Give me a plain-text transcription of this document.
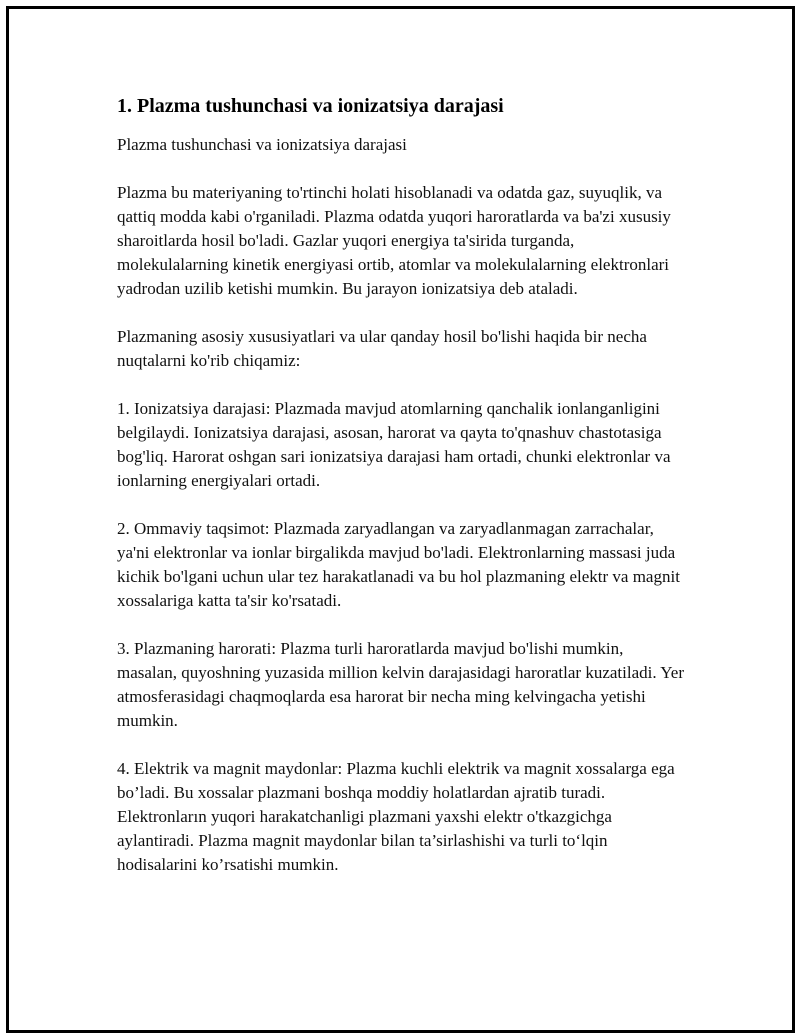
1. Plazma tushunchasi va ionizatsiya darajasi

Plazma tushunchasi va ionizatsiya darajasi

Plazma bu materiyaning to'rtinchi holati hisoblanadi va odatda gaz, suyuqlik, va qattiq modda kabi o'rganiladi. Plazma odatda yuqori haroratlarda va ba'zi xususiy sharoitlarda hosil bo'ladi. Gazlar yuqori energiya ta'sirida turganda, molekulalarning kinetik energiyasi ortib, atomlar va molekulalarning elektronlari yadrodan uzilib ketishi mumkin. Bu jarayon ionizatsiya deb ataladi.

Plazmaning asosiy xususiyatlari va ular qanday hosil bo'lishi haqida bir necha nuqtalarni ko'rib chiqamiz:

1. Ionizatsiya darajasi: Plazmada mavjud atomlarning qanchalik ionlanganligini belgilaydi. Ionizatsiya darajasi, asosan, harorat va qayta to'qnashuv chastotasiga bog'liq. Harorat oshgan sari ionizatsiya darajasi ham ortadi, chunki elektronlar va ionlarning energiyalari ortadi.

2. Ommaviy taqsimot: Plazmada zaryadlangan va zaryadlanmagan zarrachalar, ya'ni elektronlar va ionlar birgalikda mavjud bo'ladi. Elektronlarning massasi juda kichik bo'lgani uchun ular tez harakatlanadi va bu hol plazmaning elektr va magnit xossalariga katta ta'sir ko'rsatadi.

3. Plazmaning harorati: Plazma turli haroratlarda mavjud bo'lishi mumkin, masalan, quyoshning yuzasida million kelvin darajasidagi haroratlar kuzatiladi. Yer atmosferasidagi chaqmoqlarda esa harorat bir necha ming kelvingacha yetishi mumkin.

4. Elektrik va magnit maydonlar: Plazma kuchli elektrik va magnit xossalarga ega bo’ladi. Bu xossalar plazmani boshqa moddiy holatlardan ajratib turadi. Elektronların yuqori harakatchanligi plazmani yaxshi elektr o'tkazgichga aylantiradi. Plazma magnit maydonlar bilan ta’sirlashishi va turli to‘lqin hodisalarini ko’rsatishi mumkin.
